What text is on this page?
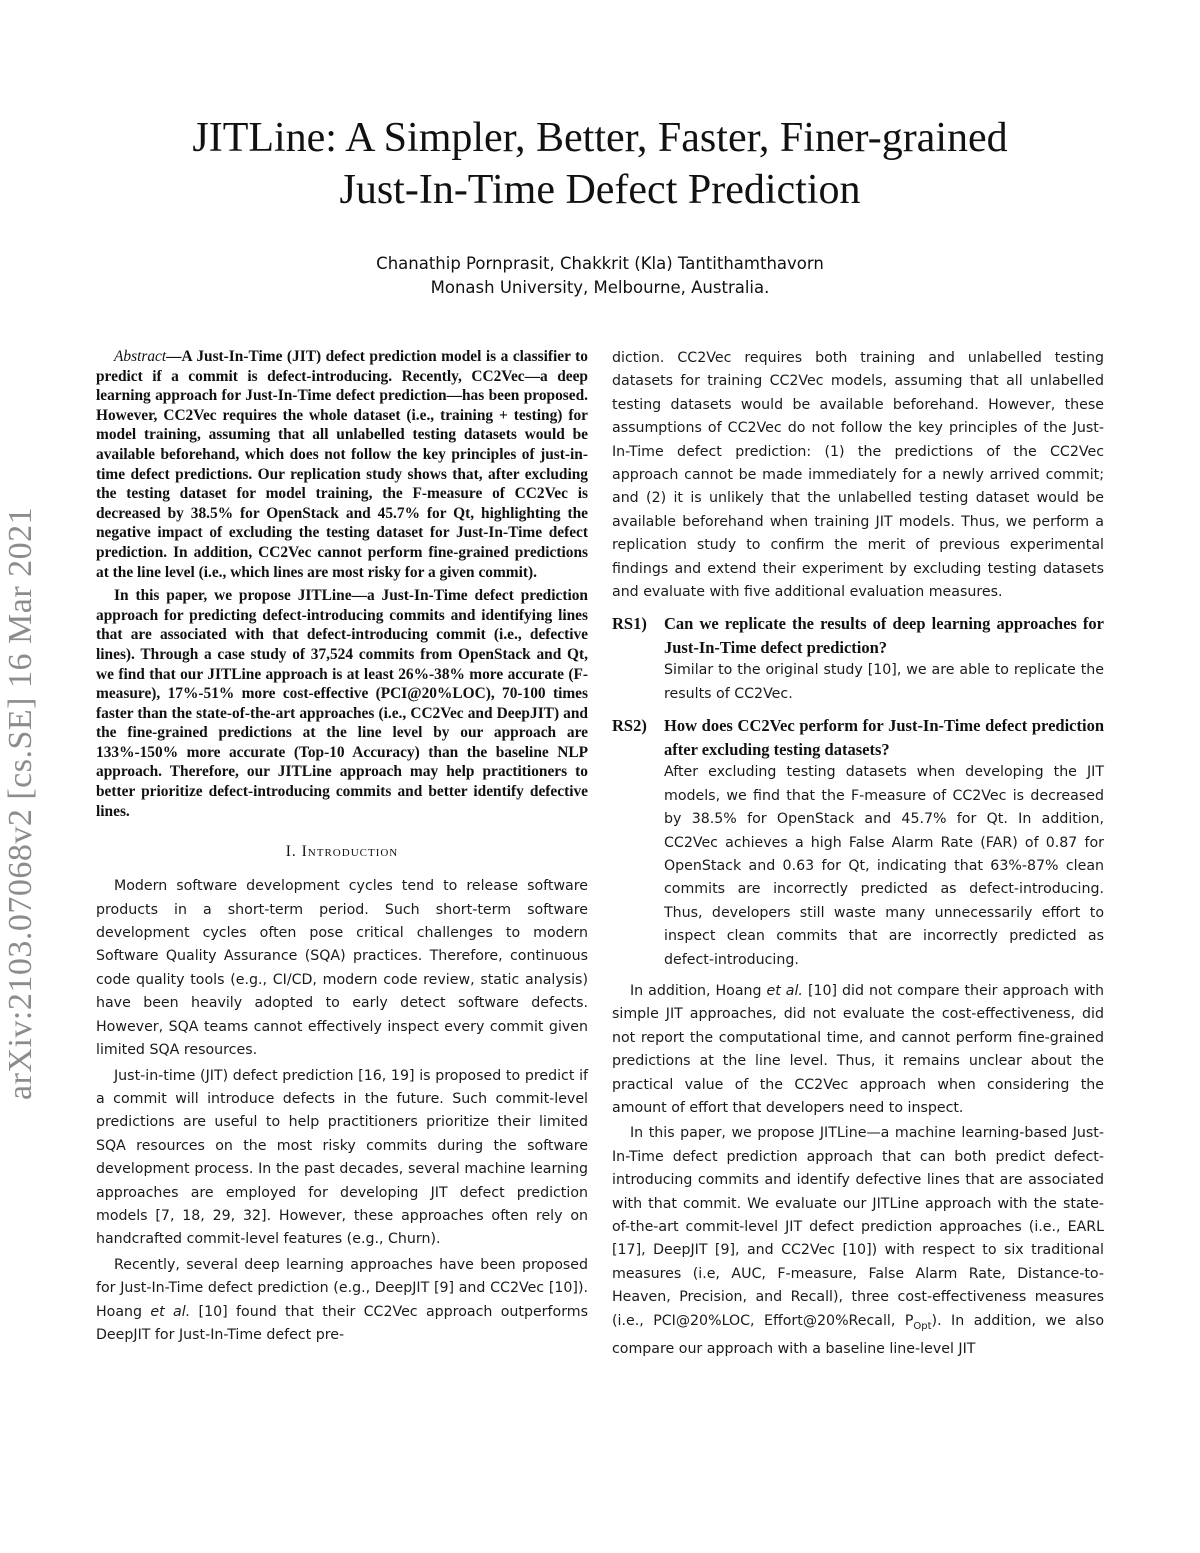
arXiv:2103.07068v2 [cs.SE] 16 Mar 2021
JITLine: A Simpler, Better, Faster, Finer-grained
Just-In-Time Defect Prediction
Chanathip Pornprasit, Chakkrit (Kla) Tantithamthavorn
Monash University, Melbourne, Australia.

Abstract—A Just-In-Time (JIT) defect prediction model is a classifier to predict if a commit is defect-introducing. Recently, CC2Vec—a deep learning approach for Just-In-Time defect prediction—has been proposed. However, CC2Vec requires the whole dataset (i.e., training + testing) for model training, assuming that all unlabelled testing datasets would be available beforehand, which does not follow the key principles of just-in-time defect predictions. Our replication study shows that, after excluding the testing dataset for model training, the F-measure of CC2Vec is decreased by 38.5% for OpenStack and 45.7% for Qt, highlighting the negative impact of excluding the testing dataset for Just-In-Time defect prediction. In addition, CC2Vec cannot perform fine-grained predictions at the line level (i.e., which lines are most risky for a given commit).

In this paper, we propose JITLine—a Just-In-Time defect prediction approach for predicting defect-introducing commits and identifying lines that are associated with that defect-introducing commit (i.e., defective lines). Through a case study of 37,524 commits from OpenStack and Qt, we find that our JITLine approach is at least 26%-38% more accurate (F-measure), 17%-51% more cost-effective (PCI@20%LOC), 70-100 times faster than the state-of-the-art approaches (i.e., CC2Vec and DeepJIT) and the fine-grained predictions at the line level by our approach are 133%-150% more accurate (Top-10 Accuracy) than the baseline NLP approach. Therefore, our JITLine approach may help practitioners to better prioritize defect-introducing commits and better identify defective lines.

I. Introduction

Modern software development cycles tend to release software products in a short-term period. Such short-term software development cycles often pose critical challenges to modern Software Quality Assurance (SQA) practices. Therefore, continuous code quality tools (e.g., CI/CD, modern code review, static analysis) have been heavily adopted to early detect software defects. However, SQA teams cannot effectively inspect every commit given limited SQA resources.

Just-in-time (JIT) defect prediction [16, 19] is proposed to predict if a commit will introduce defects in the future. Such commit-level predictions are useful to help practitioners prioritize their limited SQA resources on the most risky commits during the software development process. In the past decades, several machine learning approaches are employed for developing JIT defect prediction models [7, 18, 29, 32]. However, these approaches often rely on handcrafted commit-level features (e.g., Churn).

Recently, several deep learning approaches have been proposed for Just-In-Time defect prediction (e.g., DeepJIT [9] and CC2Vec [10]). Hoang et al. [10] found that their CC2Vec approach outperforms DeepJIT for Just-In-Time defect pre-

diction. CC2Vec requires both training and unlabelled testing datasets for training CC2Vec models, assuming that all unlabelled testing datasets would be available beforehand. However, these assumptions of CC2Vec do not follow the key principles of the Just-In-Time defect prediction: (1) the predictions of the CC2Vec approach cannot be made immediately for a newly arrived commit; and (2) it is unlikely that the unlabelled testing dataset would be available beforehand when training JIT models. Thus, we perform a replication study to confirm the merit of previous experimental findings and extend their experiment by excluding testing datasets and evaluate with five additional evaluation measures.

RS1)	Can we replicate the results of deep learning approaches for Just-In-Time defect prediction?
Similar to the original study [10], we are able to replicate the results of CC2Vec.
RS2)	How does CC2Vec perform for Just-In-Time defect prediction after excluding testing datasets?
After excluding testing datasets when developing the JIT models, we find that the F-measure of CC2Vec is decreased by 38.5% for OpenStack and 45.7% for Qt. In addition, CC2Vec achieves a high False Alarm Rate (FAR) of 0.87 for OpenStack and 0.63 for Qt, indicating that 63%-87% clean commits are incorrectly predicted as defect-introducing. Thus, developers still waste many unnecessarily effort to inspect clean commits that are incorrectly predicted as defect-introducing.

In addition, Hoang et al. [10] did not compare their approach with simple JIT approaches, did not evaluate the cost-effectiveness, did not report the computational time, and cannot perform fine-grained predictions at the line level. Thus, it remains unclear about the practical value of the CC2Vec approach when considering the amount of effort that developers need to inspect.

In this paper, we propose JITLine—a machine learning-based Just-In-Time defect prediction approach that can both predict defect-introducing commits and identify defective lines that are associated with that commit. We evaluate our JITLine approach with the state-of-the-art commit-level JIT defect prediction approaches (i.e., EARL [17], DeepJIT [9], and CC2Vec [10]) with respect to six traditional measures (i.e, AUC, F-measure, False Alarm Rate, Distance-to-Heaven, Precision, and Recall), three cost-effectiveness measures (i.e., PCI@20%LOC, Effort@20%Recall, $P_{Opt}$). In addition, we also compare our approach with a baseline line-level JIT
